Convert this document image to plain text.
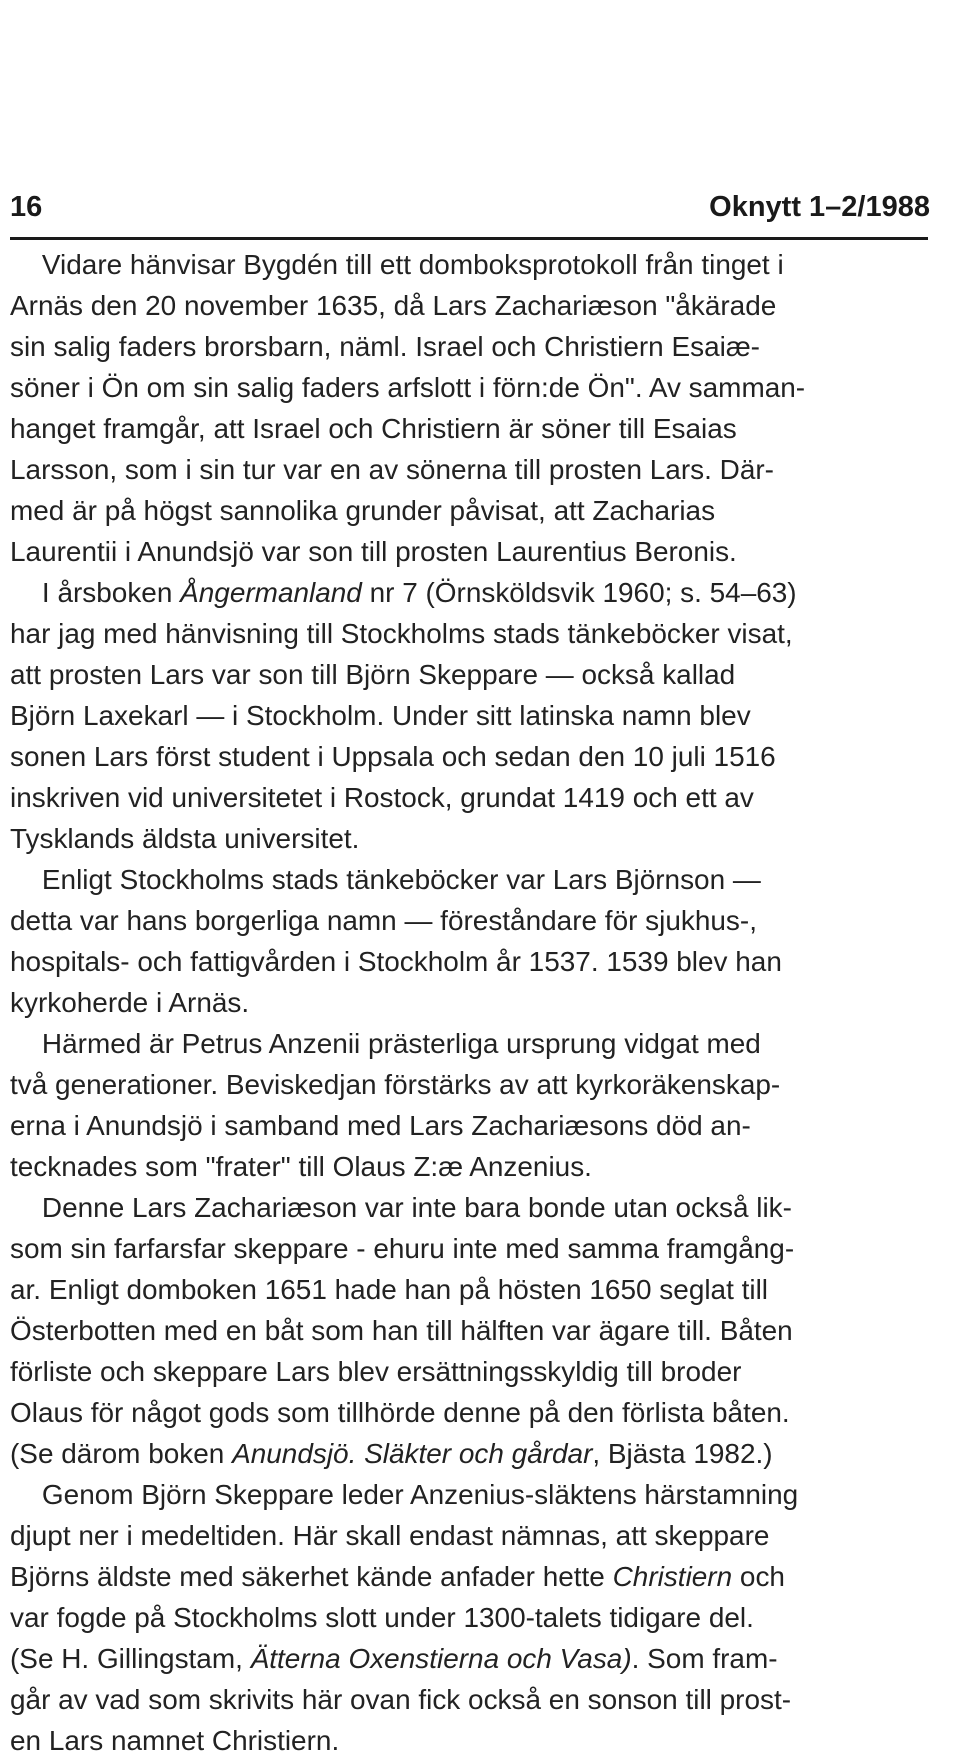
16	Oknytt 1–2/1988
Vidare hänvisar Bygdén till ett domboksprotokoll från tinget i
Arnäs den 20 november 1635, då Lars Zachariæson "åkärade
sin salig faders brorsbarn, näml. Israel och Christiern Esaiæ-
söner i Ön om sin salig faders arfslott i förn:de Ön". Av samman-
hanget framgår, att Israel och Christiern är söner till Esaias
Larsson, som i sin tur var en av sönerna till prosten Lars. Där-
med är på högst sannolika grunder påvisat, att Zacharias
Laurentii i Anundsjö var son till prosten Laurentius Beronis.
I årsboken Ångermanland nr 7 (Örnsköldsvik 1960; s. 54–63)
har jag med hänvisning till Stockholms stads tänkeböcker visat,
att prosten Lars var son till Björn Skeppare — också kallad
Björn Laxekarl — i Stockholm. Under sitt latinska namn blev
sonen Lars först student i Uppsala och sedan den 10 juli 1516
inskriven vid universitetet i Rostock, grundat 1419 och ett av
Tysklands äldsta universitet.
Enligt Stockholms stads tänkeböcker var Lars Björnson —
detta var hans borgerliga namn — föreståndare för sjukhus-,
hospitals- och fattigvården i Stockholm år 1537. 1539 blev han
kyrkoherde i Arnäs.
Härmed är Petrus Anzenii prästerliga ursprung vidgat med
två generationer. Beviskedjan förstärks av att kyrkoräkenskap-
erna i Anundsjö i samband med Lars Zachariæsons död an-
tecknades som "frater" till Olaus Z:æ Anzenius.
Denne Lars Zachariæson var inte bara bonde utan också lik-
som sin farfarsfar skeppare - ehuru inte med samma framgång-
ar. Enligt domboken 1651 hade han på hösten 1650 seglat till
Österbotten med en båt som han till hälften var ägare till. Båten
förliste och skeppare Lars blev ersättningsskyldig till broder
Olaus för något gods som tillhörde denne på den förlista båten.
(Se därom boken Anundsjö. Släkter och gårdar, Bjästa 1982.)
Genom Björn Skeppare leder Anzenius-släktens härstamning
djupt ner i medeltiden. Här skall endast nämnas, att skeppare
Björns äldste med säkerhet kände anfader hette Christiern och
var fogde på Stockholms slott under 1300-talets tidigare del.
(Se H. Gillingstam, Ätterna Oxenstierna och Vasa). Som fram-
går av vad som skrivits här ovan fick också en sonson till prost-
en Lars namnet Christiern.
